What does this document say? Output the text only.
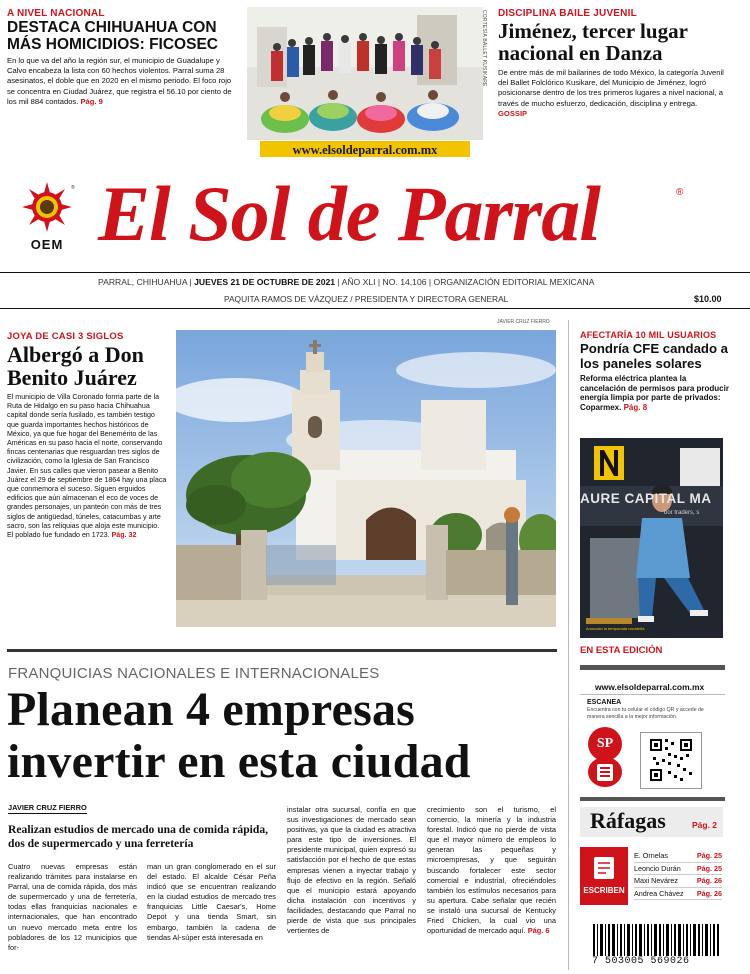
A NIVEL NACIONAL
DESTACA CHIHUAHUA CON MÁS HOMICIDIOS: FICOSEC
En lo que va del año la región sur, el municipio de Guadalupe y Calvo encabeza la lista con 60 hechos violentos. Parral suma 28 asesinatos, el doble que en 2020 en el mismo periodo. El foco rojo se concentra en Ciudad Juárez, que registra el 56.10 por ciento de los mil 884 contados. Pág. 9
CORTESÍA BALLET KUSIKARE
www.elsoldeparral.com.mx
DISCIPLINA BAILE JUVENIL
Jiménez, tercer lugar nacional en Danza
De entre más de mil bailarines de todo México, la categoría Juvenil del Ballet Folclórico Kusikare, del Municipio de Jiménez, logró posicionarse dentro de los tres primeros lugares a nivel nacional, a través de mucho esfuerzo, dedicación, disciplina y entrega. GOSSIP
®
OEM El Sol de Parral	®
PARRAL, CHIHUAHUA | JUEVES 21 DE OCTUBRE DE 2021 | AÑO XLI | NO. 14,106 | ORGANIZACIÓN EDITORIAL MEXICANA
PAQUITA RAMOS DE VÁZQUEZ / PRESIDENTA Y DIRECTORA GENERAL	$10.00
JOYA DE CASI 3 SIGLOS
Albergó a Don Benito Juárez
El municipio de Villa Coronado forma parte de la Ruta de Hidalgo en su paso hacia Chihuahua capital donde sería fusilado, es también testigo que guarda importantes hechos históricos de México, ya que fue hogar del Benemérito de las Américas en su paso hacia el norte, conservando fincas centenarias que resguardan tres siglos de civilización, como la Iglesia de San Francisco Javier. En sus calles que vieron pasear a Benito Juárez el 29 de septiembre de 1864 hay una placa que conmemora el suceso. Siguen erguidos edificios que aún almacenan el eco de voces de grandes personajes, un panteón con más de tres siglos de antigüedad, túneles, catacumbas y arte sacro, son las reliquias que aloja este municipio. El poblado fue fundado en 1723. Pág. 32
JAVIER CRUZ FIERRO
AFECTARÍA 10 MIL USUARIOS
Pondría CFE candado a los paneles solares
Reforma eléctrica plantea la cancelación de permisos para producir energía limpia por parte de privados: Coparmex. Pág. 8
AURE CAPITAL MA
bor traders, s
Anuncian la temporada navideña
EN ESTA EDICIÓN
www.elsoldeparral.com.mx
ESCANEA
Encuentra con tu celular el código QR y accede de manera sencilla a la mejor información.
SP
Ráfagas	Pág. 2
ESCRIBEN
E. Ornelas	Pág. 25
Leoncio Durán Pág. 25
Maxi Nevárez	Pág. 26
Andrea Chávez Pág. 26
7 503005 569026
FRANQUICIAS NACIONALES E INTERNACIONALES
Planean 4 empresas invertir en esta ciudad
JAVIER CRUZ FIERRO
Realizan estudios de mercado una de comida rápida, dos de supermercado y una ferretería
Cuatro nuevas empresas están realizando trámites para instalarse en Parral, una de comida rápida, dos más de supermercado y una de ferretería, todas ellas franquicias nacionales e internacionales, que han encontrado un nuevo mercado meta entre los pobladores de los 12 municipios que for-
man un gran conglomerado en el sur del estado. El alcalde César Peña indicó que se encuentran realizando en la ciudad estudios de mercado tres franquicias Little Caesar's, Home Depot y una tienda Smart, sin embargo, también la cadena de tiendas Al-súper está interesada en
instalar otra sucursal, confía en que sus investigaciones de mercado sean positivas, ya que la ciudad es atractiva para este tipo de inversiones. El presidente municipal, quien expresó su satisfacción por el hecho de que estas empresas vienen a inyectar trabajo y flujo de efectivo en la región. Señaló que el municipio estará apoyando dicha instalación con incentivos y facilidades, destacando que Parral no pierde de vista que sus principales vertientes de
crecimiento son el turismo, el comercio, la minería y la industria forestal. Indicó que no pierde de vista que el mayor número de empleos lo generan las pequeñas y microempresas, y que seguirán buscando fortalecer este sector comercial e industrial, ofreciéndoles también los estímulos necesarios para su apertura. Cabe señalar que recién se instaló una sucursal de Kentucky Fried Chicken, la cual vio una oportunidad de mercado aquí. Pág. 6
